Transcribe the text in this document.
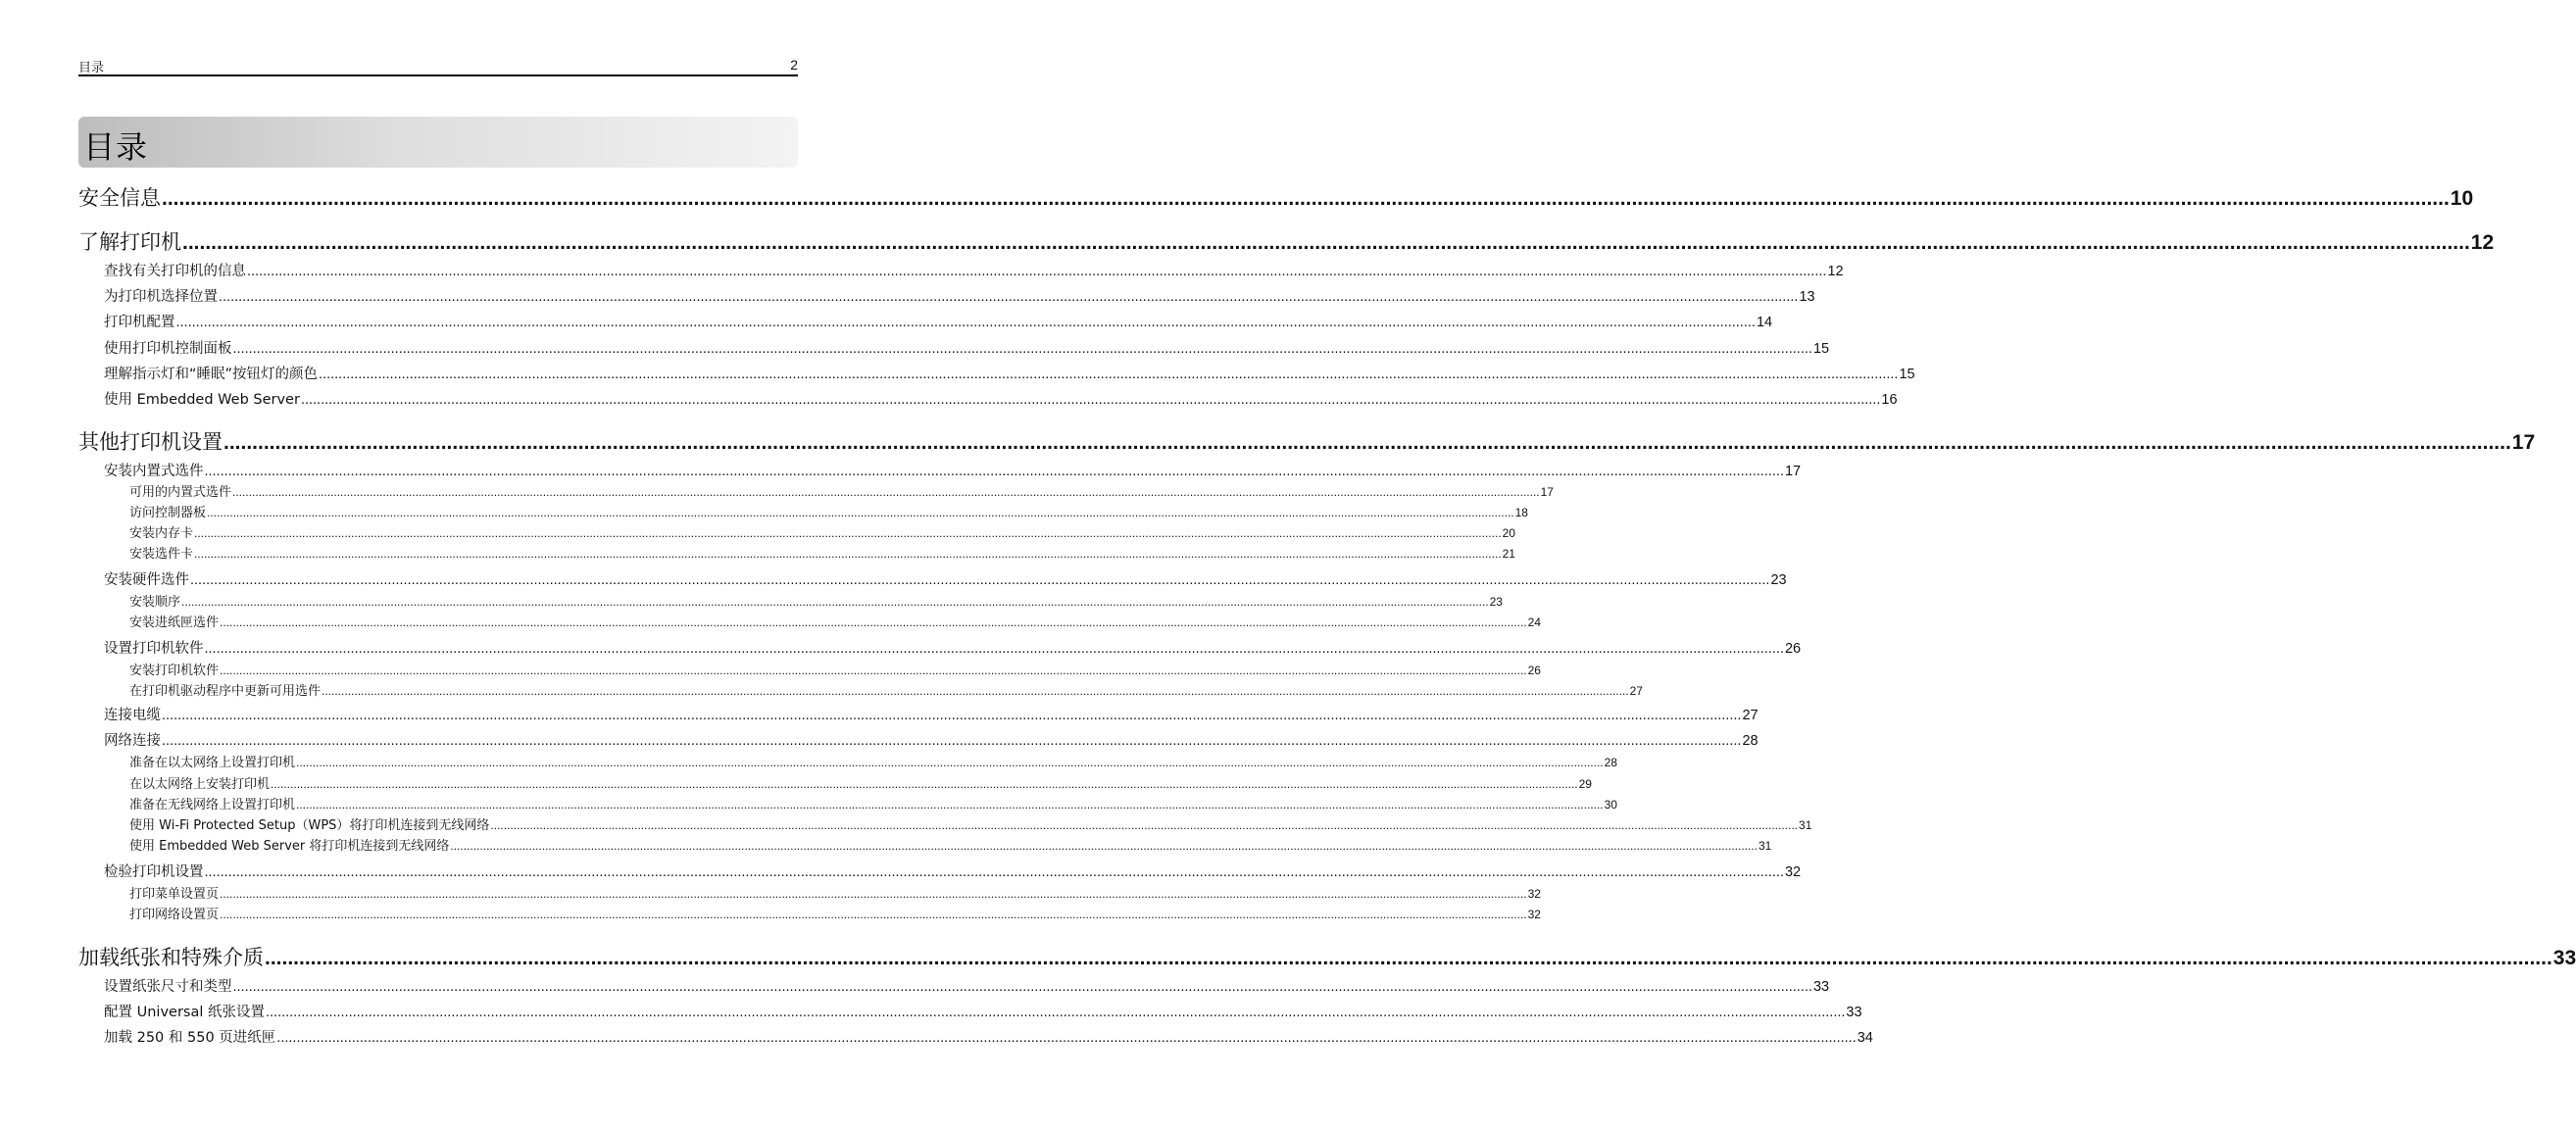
目录	2
目录
安全信息 ................................................................................................................................................................................................................................................................................................................................................................................................................ 10
了解打印机 ................................................................................................................................................................................................................................................................................................................................................................................................................ 12
查找有关打印机的信息 ................................................................................................................................................................................................................................................................................................................................................................................................................ 12
为打印机选择位置 ................................................................................................................................................................................................................................................................................................................................................................................................................ 13
打印机配置 ................................................................................................................................................................................................................................................................................................................................................................................................................ 14
使用打印机控制面板 ................................................................................................................................................................................................................................................................................................................................................................................................................ 15
理解指示灯和“睡眠”按钮灯的颜色 ................................................................................................................................................................................................................................................................................................................................................................................................................ 15
使用 Embedded Web Server ................................................................................................................................................................................................................................................................................................................................................................................................................ 16
其他打印机设置 ................................................................................................................................................................................................................................................................................................................................................................................................................ 17
安装内置式选件 ................................................................................................................................................................................................................................................................................................................................................................................................................ 17
可用的内置式选件 ................................................................................................................................................................................................................................................................................................................................................................................................................ 17
访问控制器板 ................................................................................................................................................................................................................................................................................................................................................................................................................ 18
安装内存卡 ................................................................................................................................................................................................................................................................................................................................................................................................................ 20
安装选件卡 ................................................................................................................................................................................................................................................................................................................................................................................................................ 21
安装硬件选件 ................................................................................................................................................................................................................................................................................................................................................................................................................ 23
安装顺序 ................................................................................................................................................................................................................................................................................................................................................................................................................ 23
安装进纸匣选件 ................................................................................................................................................................................................................................................................................................................................................................................................................ 24
设置打印机软件 ................................................................................................................................................................................................................................................................................................................................................................................................................ 26
安装打印机软件 ................................................................................................................................................................................................................................................................................................................................................................................................................ 26
在打印机驱动程序中更新可用选件 ................................................................................................................................................................................................................................................................................................................................................................................................................ 27
连接电缆 ................................................................................................................................................................................................................................................................................................................................................................................................................ 27
网络连接 ................................................................................................................................................................................................................................................................................................................................................................................................................ 28
准备在以太网络上设置打印机 ................................................................................................................................................................................................................................................................................................................................................................................................................ 28
在以太网络上安装打印机 ................................................................................................................................................................................................................................................................................................................................................................................................................ 29
准备在无线网络上设置打印机 ................................................................................................................................................................................................................................................................................................................................................................................................................ 30
使用 Wi-Fi Protected Setup（WPS）将打印机连接到无线网络 ................................................................................................................................................................................................................................................................................................................................................................................................................ 31
使用 Embedded Web Server 将打印机连接到无线网络 ................................................................................................................................................................................................................................................................................................................................................................................................................ 31
检验打印机设置 ................................................................................................................................................................................................................................................................................................................................................................................................................ 32
打印菜单设置页 ................................................................................................................................................................................................................................................................................................................................................................................................................ 32
打印网络设置页 ................................................................................................................................................................................................................................................................................................................................................................................................................ 32
加载纸张和特殊介质 ................................................................................................................................................................................................................................................................................................................................................................................................................ 33
设置纸张尺寸和类型 ................................................................................................................................................................................................................................................................................................................................................................................................................ 33
配置 Universal 纸张设置 ................................................................................................................................................................................................................................................................................................................................................................................................................ 33
加载 250 和 550 页进纸匣 ................................................................................................................................................................................................................................................................................................................................................................................................................ 34
